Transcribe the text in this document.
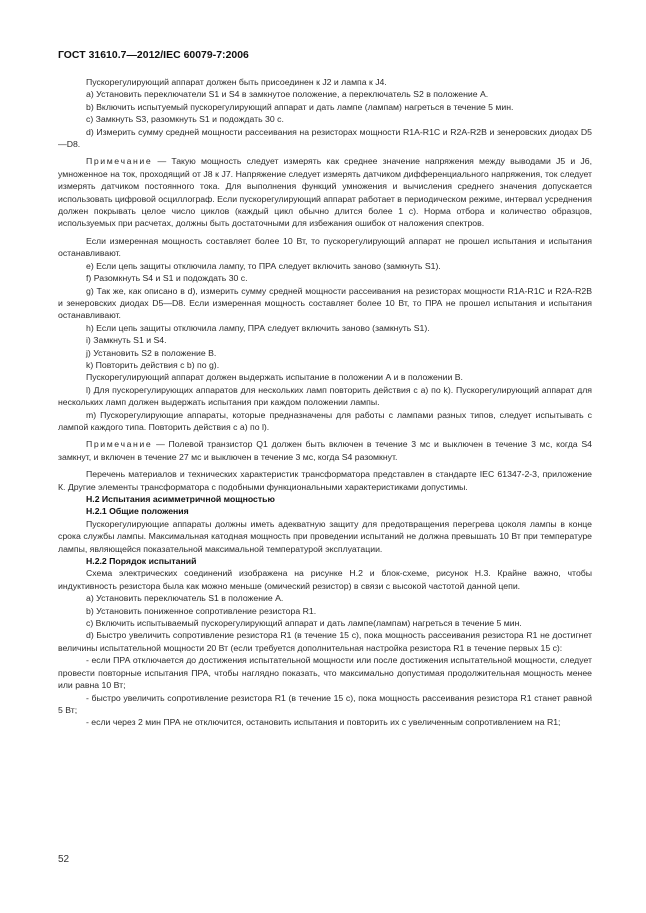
ГОСТ 31610.7—2012/IEC 60079-7:2006

Пускорегулирующий аппарат должен быть присоединен к J2 и лампа к J4.

a) Установить переключатели S1 и S4 в замкнутое положение, а переключатель S2 в положение А.

b) Включить испытуемый пускорегулирующий аппарат и дать лампе (лампам) нагреться в течение 5 мин.

c) Замкнуть S3, разомкнуть S1 и подождать 30 с.

d) Измерить сумму средней мощности рассеивания на резисторах мощности R1A-R1C и R2A-R2B и зенеровских диодах D5—D8.

Примечание — Такую мощность следует измерять как среднее значение напряжения между выводами J5 и J6, умноженное на ток, проходящий от J8 к J7. Напряжение следует измерять датчиком дифференциального напряжения, ток следует измерять датчиком постоянного тока. Для выполнения функций умножения и вычисления среднего значения допускается использовать цифровой осциллограф. Если пускорегулирующий аппарат работает в периодическом режиме, интервал усреднения должен покрывать целое число циклов (каждый цикл обычно длится более 1 с). Норма отбора и количество образцов, используемых при расчетах, должны быть достаточными для избежания ошибок от наложения спектров.

Если измеренная мощность составляет более 10 Вт, то пускорегулирующий аппарат не прошел испытания и испытания останавливают.

e) Если цепь защиты отключила лампу, то ПРА следует включить заново (замкнуть S1).

f) Разомкнуть S4 и S1 и подождать 30 с.

g) Так же, как описано в d), измерить сумму средней мощности рассеивания на резисторах мощности R1A-R1C и R2A-R2B и зенеровских диодах D5—D8. Если измеренная мощность составляет более 10 Вт, то ПРА не прошел испытания и испытания останавливают.

h) Если цепь защиты отключила лампу, ПРА следует включить заново (замкнуть S1).

i) Замкнуть S1 и S4.

j) Установить S2 в положение В.

k) Повторить действия с b) по g).

Пускорегулирующий аппарат должен выдержать испытание в положении А и в положении В.

l) Для пускорегулирующих аппаратов для нескольких ламп повторить действия с a) по k). Пускорегулирующий аппарат для нескольких ламп должен выдержать испытания при каждом положении лампы.

m) Пускорегулирующие аппараты, которые предназначены для работы с лампами разных типов, следует испытывать с лампой каждого типа. Повторить действия с a) по l).

Примечание — Полевой транзистор Q1 должен быть включен в течение 3 мс и выключен в течение 3 мс, когда S4 замкнут, и включен в течение 27 мс и выключен в течение 3 мс, когда S4 разомкнут.

Перечень материалов и технических характеристик трансформатора представлен в стандарте IEC 61347-2-3, приложение К. Другие элементы трансформатора с подобными функциональными характеристиками допустимы.

Н.2 Испытания асимметричной мощностью

Н.2.1 Общие положения

Пускорегулирующие аппараты должны иметь адекватную защиту для предотвращения перегрева цоколя лампы в конце срока службы лампы. Максимальная катодная мощность при проведении испытаний не должна превышать 10 Вт при температуре лампы, являющейся показательной максимальной температурой эксплуатации.

Н.2.2 Порядок испытаний

Схема электрических соединений изображена на рисунке Н.2 и блок-схеме, рисунок Н.3. Крайне важно, чтобы индуктивность резистора была как можно меньше (омический резистор) в связи с высокой частотой данной цепи.

a) Установить переключатель S1 в положение А.

b) Установить пониженное сопротивление резистора R1.

c) Включить испытываемый пускорегулирующий аппарат и дать лампе(лампам) нагреться в течение 5 мин.

d) Быстро увеличить сопротивление резистора R1 (в течение 15 с), пока мощность рассеивания резистора R1 не достигнет величины испытательной мощности 20 Вт (если требуется дополнительная настройка резистора R1 в течение первых 15 с):

- если ПРА отключается до достижения испытательной мощности или после достижения испытательной мощности, следует провести повторные испытания ПРА, чтобы наглядно показать, что максимально допустимая продолжительная мощность менее или равна 10 Вт;

- быстро увеличить сопротивление резистора R1 (в течение 15 с), пока мощность рассеивания резистора R1 станет равной 5 Вт;

- если через 2 мин ПРА не отключится, остановить испытания и повторить их с увеличенным сопротивлением на R1;

52
